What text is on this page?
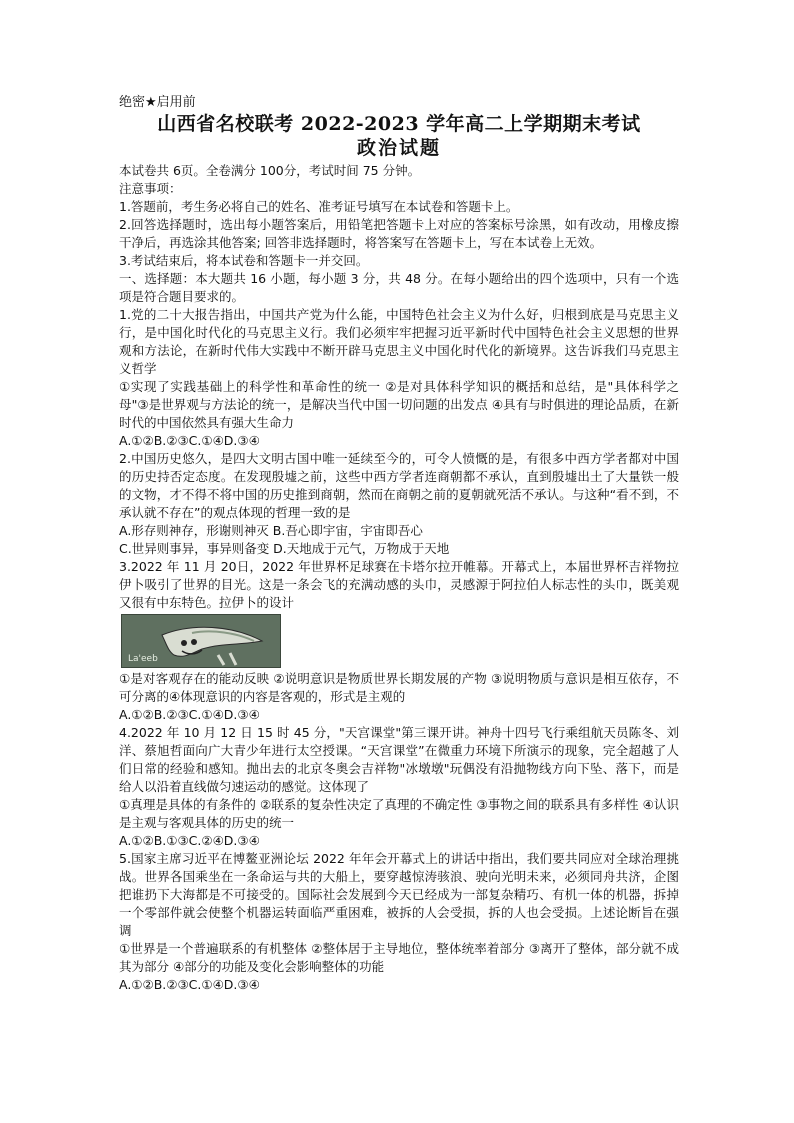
绝密★启用前

山西省名校联考 2022-2023 学年高二上学期期末考试

政治试题

本试卷共 6页。全卷满分 100分，考试时间 75 分钟。

注意事项：

1.答题前，考生务必将自己的姓名、准考证号填写在本试卷和答题卡上。

2.回答选择题时，选出每小题答案后，用铅笔把答题卡上对应的答案标号涂黑，如有改动，用橡皮擦干净后，再选涂其他答案; 回答非选择题时，将答案写在答题卡上，写在本试卷上无效。

3.考试结束后，将本试卷和答题卡一并交回。

一、选择题：本大题共 16 小题，每小题 3 分，共 48 分。在每小题给出的四个选项中，只有一个选项是符合题目要求的。

1.党的二十大报告指出，中国共产党为什么能，中国特色社会主义为什么好，归根到底是马克思主义行，是中国化时代化的马克思主义行。我们必须牢牢把握习近平新时代中国特色社会主义思想的世界观和方法论，在新时代伟大实践中不断开辟马克思主义中国化时代化的新境界。这告诉我们马克思主义哲学

①实现了实践基础上的科学性和革命性的统一 ②是对具体科学知识的概括和总结，是"具体科学之母"③是世界观与方法论的统一，是解决当代中国一切问题的出发点 ④具有与时俱进的理论品质，在新时代的中国依然具有强大生命力

A.①②B.②③C.①④D.③④

2.中国历史悠久，是四大文明古国中唯一延续至今的，可令人愤慨的是，有很多中西方学者都对中国的历史持否定态度。在发现殷墟之前，这些中西方学者连商朝都不承认，直到殷墟出土了大量铁一般的文物，才不得不将中国的历史推到商朝，然而在商朝之前的夏朝就死活不承认。与这种“看不到，不承认就不存在”的观点体现的哲理一致的是

A.形存则神存，形谢则神灭 B.吾心即宇宙，宇宙即吾心

C.世异则事异，事异则备变 D.天地成于元气，万物成于天地

3.2022 年 11 月 20日，2022 年世界杯足球赛在卡塔尔拉开帷幕。开幕式上，本届世界杯吉祥物拉伊卜吸引了世界的目光。这是一条会飞的充满动感的头巾，灵感源于阿拉伯人标志性的头巾，既美观又很有中东特色。拉伊卜的设计

La'eeb

①是对客观存在的能动反映 ②说明意识是物质世界长期发展的产物 ③说明物质与意识是相互依存，不可分离的④体现意识的内容是客观的，形式是主观的

A.①②B.②③C.①④D.③④

4.2022 年 10 月 12 日 15 时 45 分，"天宫课堂"第三课开讲。神舟十四号飞行乘组航天员陈冬、刘洋、蔡旭哲面向广大青少年进行太空授课。“天宫课堂”在微重力环境下所演示的现象，完全超越了人们日常的经验和感知。抛出去的北京冬奥会吉祥物"冰墩墩"玩偶没有沿抛物线方向下坠、落下，而是给人以沿着直线做匀速运动的感觉。这体现了

①真理是具体的有条件的 ②联系的复杂性决定了真理的不确定性 ③事物之间的联系具有多样性 ④认识是主观与客观具体的历史的统一

A.①②B.①③C.②④D.③④

5.国家主席习近平在博鳌亚洲论坛 2022 年年会开幕式上的讲话中指出，我们要共同应对全球治理挑战。世界各国乘坐在一条命运与共的大船上，要穿越惊涛骇浪、驶向光明未来，必须同舟共济，企图把谁扔下大海都是不可接受的。国际社会发展到今天已经成为一部复杂精巧、有机一体的机器，拆掉一个零部件就会使整个机器运转面临严重困难，被拆的人会受损，拆的人也会受损。上述论断旨在强调

①世界是一个普遍联系的有机整体 ②整体居于主导地位，整体统率着部分 ③离开了整体，部分就不成其为部分 ④部分的功能及变化会影响整体的功能

A.①②B.②③C.①④D.③④
